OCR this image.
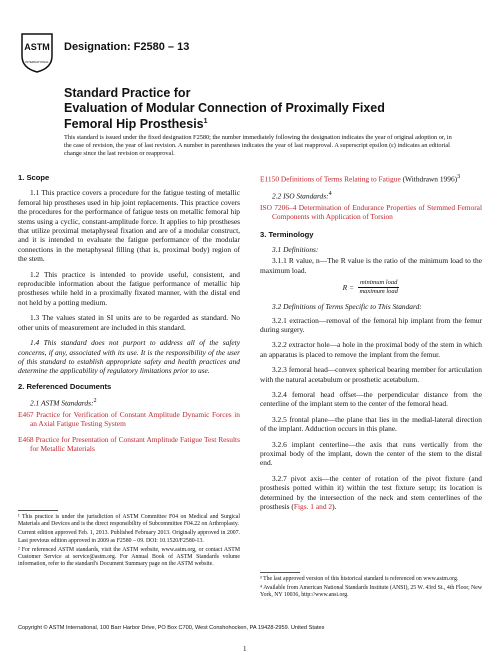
ASTM
INTERNATIONAL
Designation: F2580 – 13
Standard Practice for
Evaluation of Modular Connection of Proximally Fixed
Femoral Hip Prosthesis$^1$
This standard is issued under the fixed designation F2580; the number immediately following the designation indicates the year of original adoption or, in the case of revision, the year of last revision. A number in parentheses indicates the year of last reapproval. A superscript epsilon (ε) indicates an editorial change since the last revision or reapproval.
1. Scope

1.1 This practice covers a procedure for the fatigue testing of metallic femoral hip prostheses used in hip joint replacements. This practice covers the procedures for the performance of fatigue tests on metallic femoral hip stems using a cyclic, constant-amplitude force. It applies to hip prostheses that utilize proximal metaphyseal fixation and are of a modular construct, and it is intended to evaluate the fatigue performance of the modular connections in the metaphyseal filling (that is, proximal body) region of the stem.

1.2 This practice is intended to provide useful, consistent, and reproducible information about the fatigue performance of metallic hip prostheses while held in a proximally fixated manner, with the distal end not held by a potting medium.

1.3 The values stated in SI units are to be regarded as standard. No other units of measurement are included in this standard.

1.4 This standard does not purport to address all of the safety concerns, if any, associated with its use. It is the responsibility of the user of this standard to establish appropriate safety and health practices and determine the applicability of regulatory limitations prior to use.

2. Referenced Documents

2.1 ASTM Standards:$^2$

E467 Practice for Verification of Constant Amplitude Dynamic Forces in an Axial Fatigue Testing System

E468 Practice for Presentation of Constant Amplitude Fatigue Test Results for Metallic Materials

¹ This practice is under the jurisdiction of ASTM Committee F04 on Medical and Surgical Materials and Devices and is the direct responsibility of Subcommittee F04.22 on Arthroplasty.

Current edition approved Feb. 1, 2013. Published February 2013. Originally approved in 2007. Last previous edition approved in 2009 as F2580 – 09. DOI: 10.1520/F2580-13.

² For referenced ASTM standards, visit the ASTM website, www.astm.org, or contact ASTM Customer Service at service@astm.org. For Annual Book of ASTM Standards volume information, refer to the standard's Document Summary page on the ASTM website.

E1150 Definitions of Terms Relating to Fatigue (Withdrawn 1996)$^3$

2.2 ISO Standards:$^4$

ISO 7206–4 Determination of Endurance Properties of Stemmed Femoral Components with Application of Torsion

3. Terminology

3.1 Definitions:

3.1.1 R value, n—The R value is the ratio of the minimum load to the maximum load.

$R = \frac{\text{minimum load}}{\text{maximum load}}$

3.2 Definitions of Terms Specific to This Standard:

3.2.1 extraction—removal of the femoral hip implant from the femur during surgery.

3.2.2 extractor hole—a hole in the proximal body of the stem in which an apparatus is placed to remove the implant from the femur.

3.2.3 femoral head—convex spherical bearing member for articulation with the natural acetabulum or prosthetic acetabulum.

3.2.4 femoral head offset—the perpendicular distance from the centerline of the implant stem to the center of the femoral head.

3.2.5 frontal plane—the plane that lies in the medial-lateral direction of the implant. Adduction occurs in this plane.

3.2.6 implant centerline—the axis that runs vertically from the proximal body of the implant, down the center of the stem to the distal end.

3.2.7 pivot axis—the center of rotation of the pivot fixture (and prosthesis potted within it) within the test fixture setup; its location is determined by the intersection of the neck and stem centerlines of the prosthesis (Figs. 1 and 2).

³ The last approved version of this historical standard is referenced on www.astm.org.

⁴ Available from American National Standards Institute (ANSI), 25 W. 43rd St., 4th Floor, New York, NY 10036, http://www.ansi.org.

Copyright © ASTM International, 100 Barr Harbor Drive, PO Box C700, West Conshohocken, PA 19428-2959. United States
1
